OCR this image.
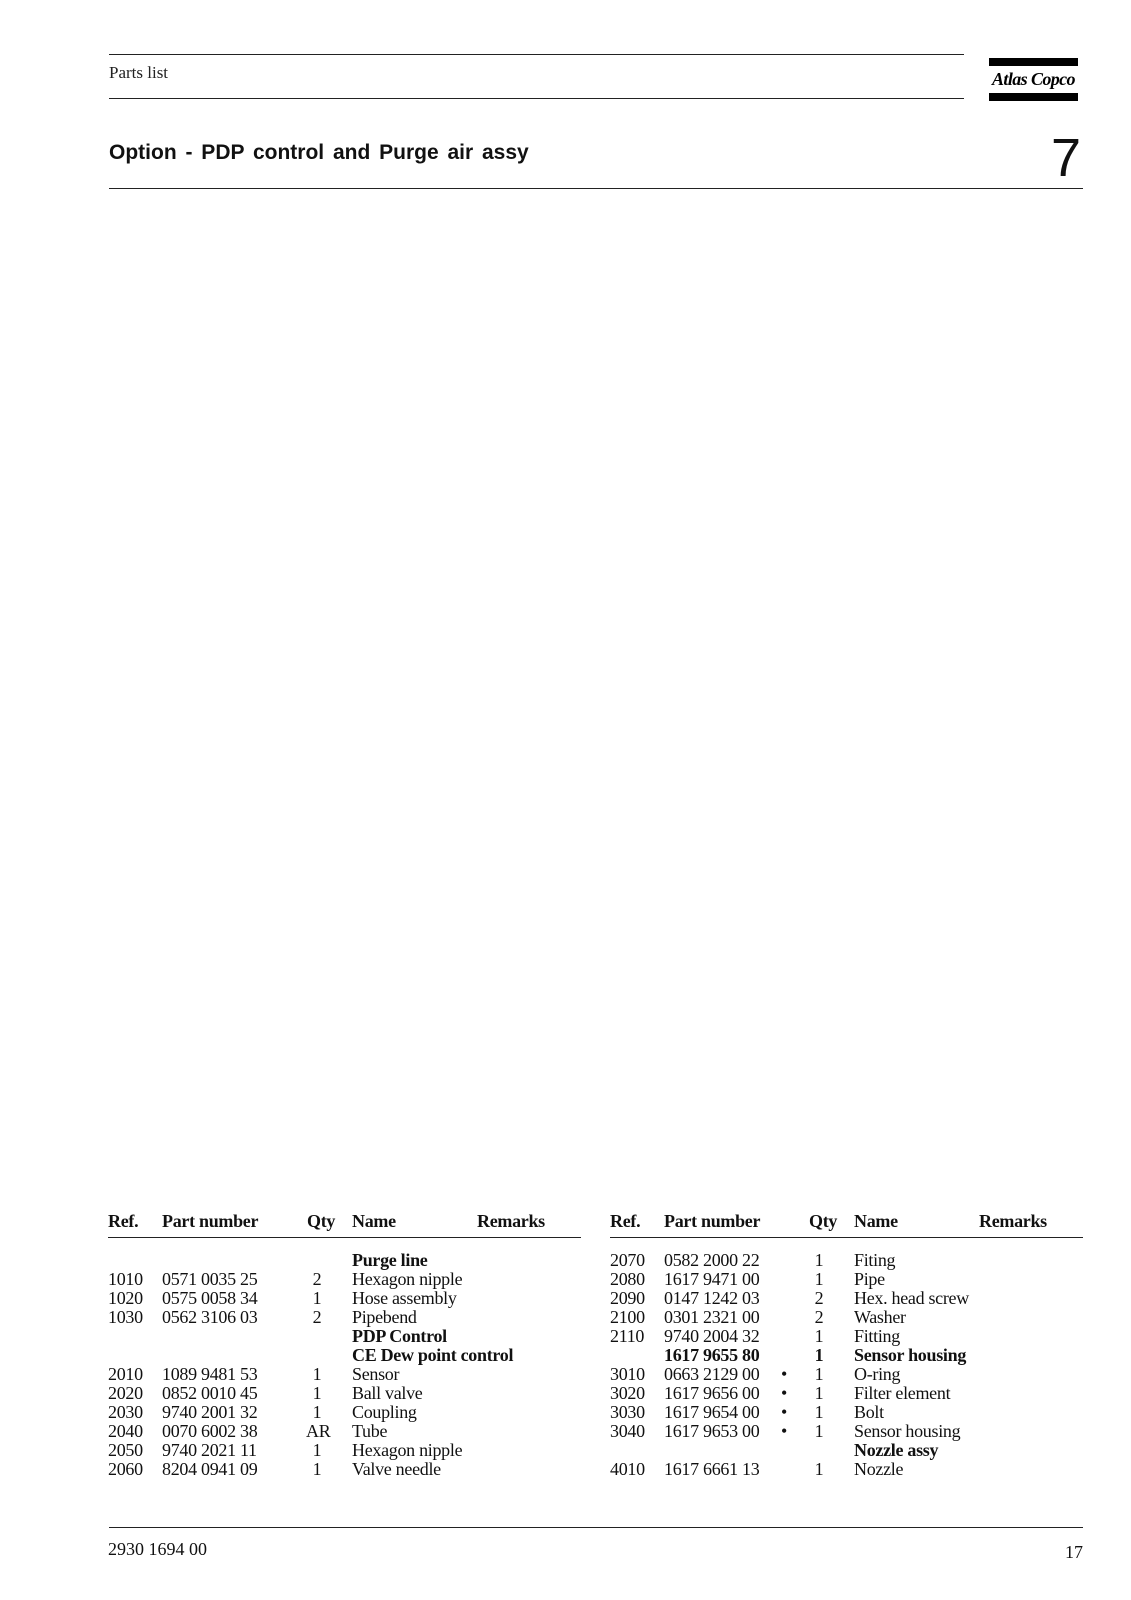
Parts list	Atlas Copco
Option - PDP control and Purge air assy	7
Ref. Part number	Qty Name	Remarks
Purge line
1010 0571 0035 25	2	Hexagon nipple
1020 0575 0058 34	1	Hose assembly
1030 0562 3106 03	2	Pipebend
PDP Control
CE Dew point control
2010 1089 9481 53	1	Sensor
2020 0852 0010 45	1	Ball valve
2030 9740 2001 32	1	Coupling
2040 0070 6002 38	AR Tube
2050 9740 2021 11	1	Hexagon nipple
2060 8204 0941 09	1	Valve needle
Ref. Part number	Qty Name	Remarks
2070 0582 2000 22	1	Fiting
2080 1617 9471 00	1	Pipe
2090 0147 1242 03	2	Hex. head screw
2100 0301 2321 00	2	Washer
2110 9740 2004 32	1	Fitting
1617 9655 80	1	Sensor housing
3010 0663 2129 00 •	1	O-ring
3020 1617 9656 00 •	1	Filter element
3030 1617 9654 00 •	1	Bolt
3040 1617 9653 00 •	1	Sensor housing
Nozzle assy
4010 1617 6661 13	1	Nozzle
2930 1694 00	17
